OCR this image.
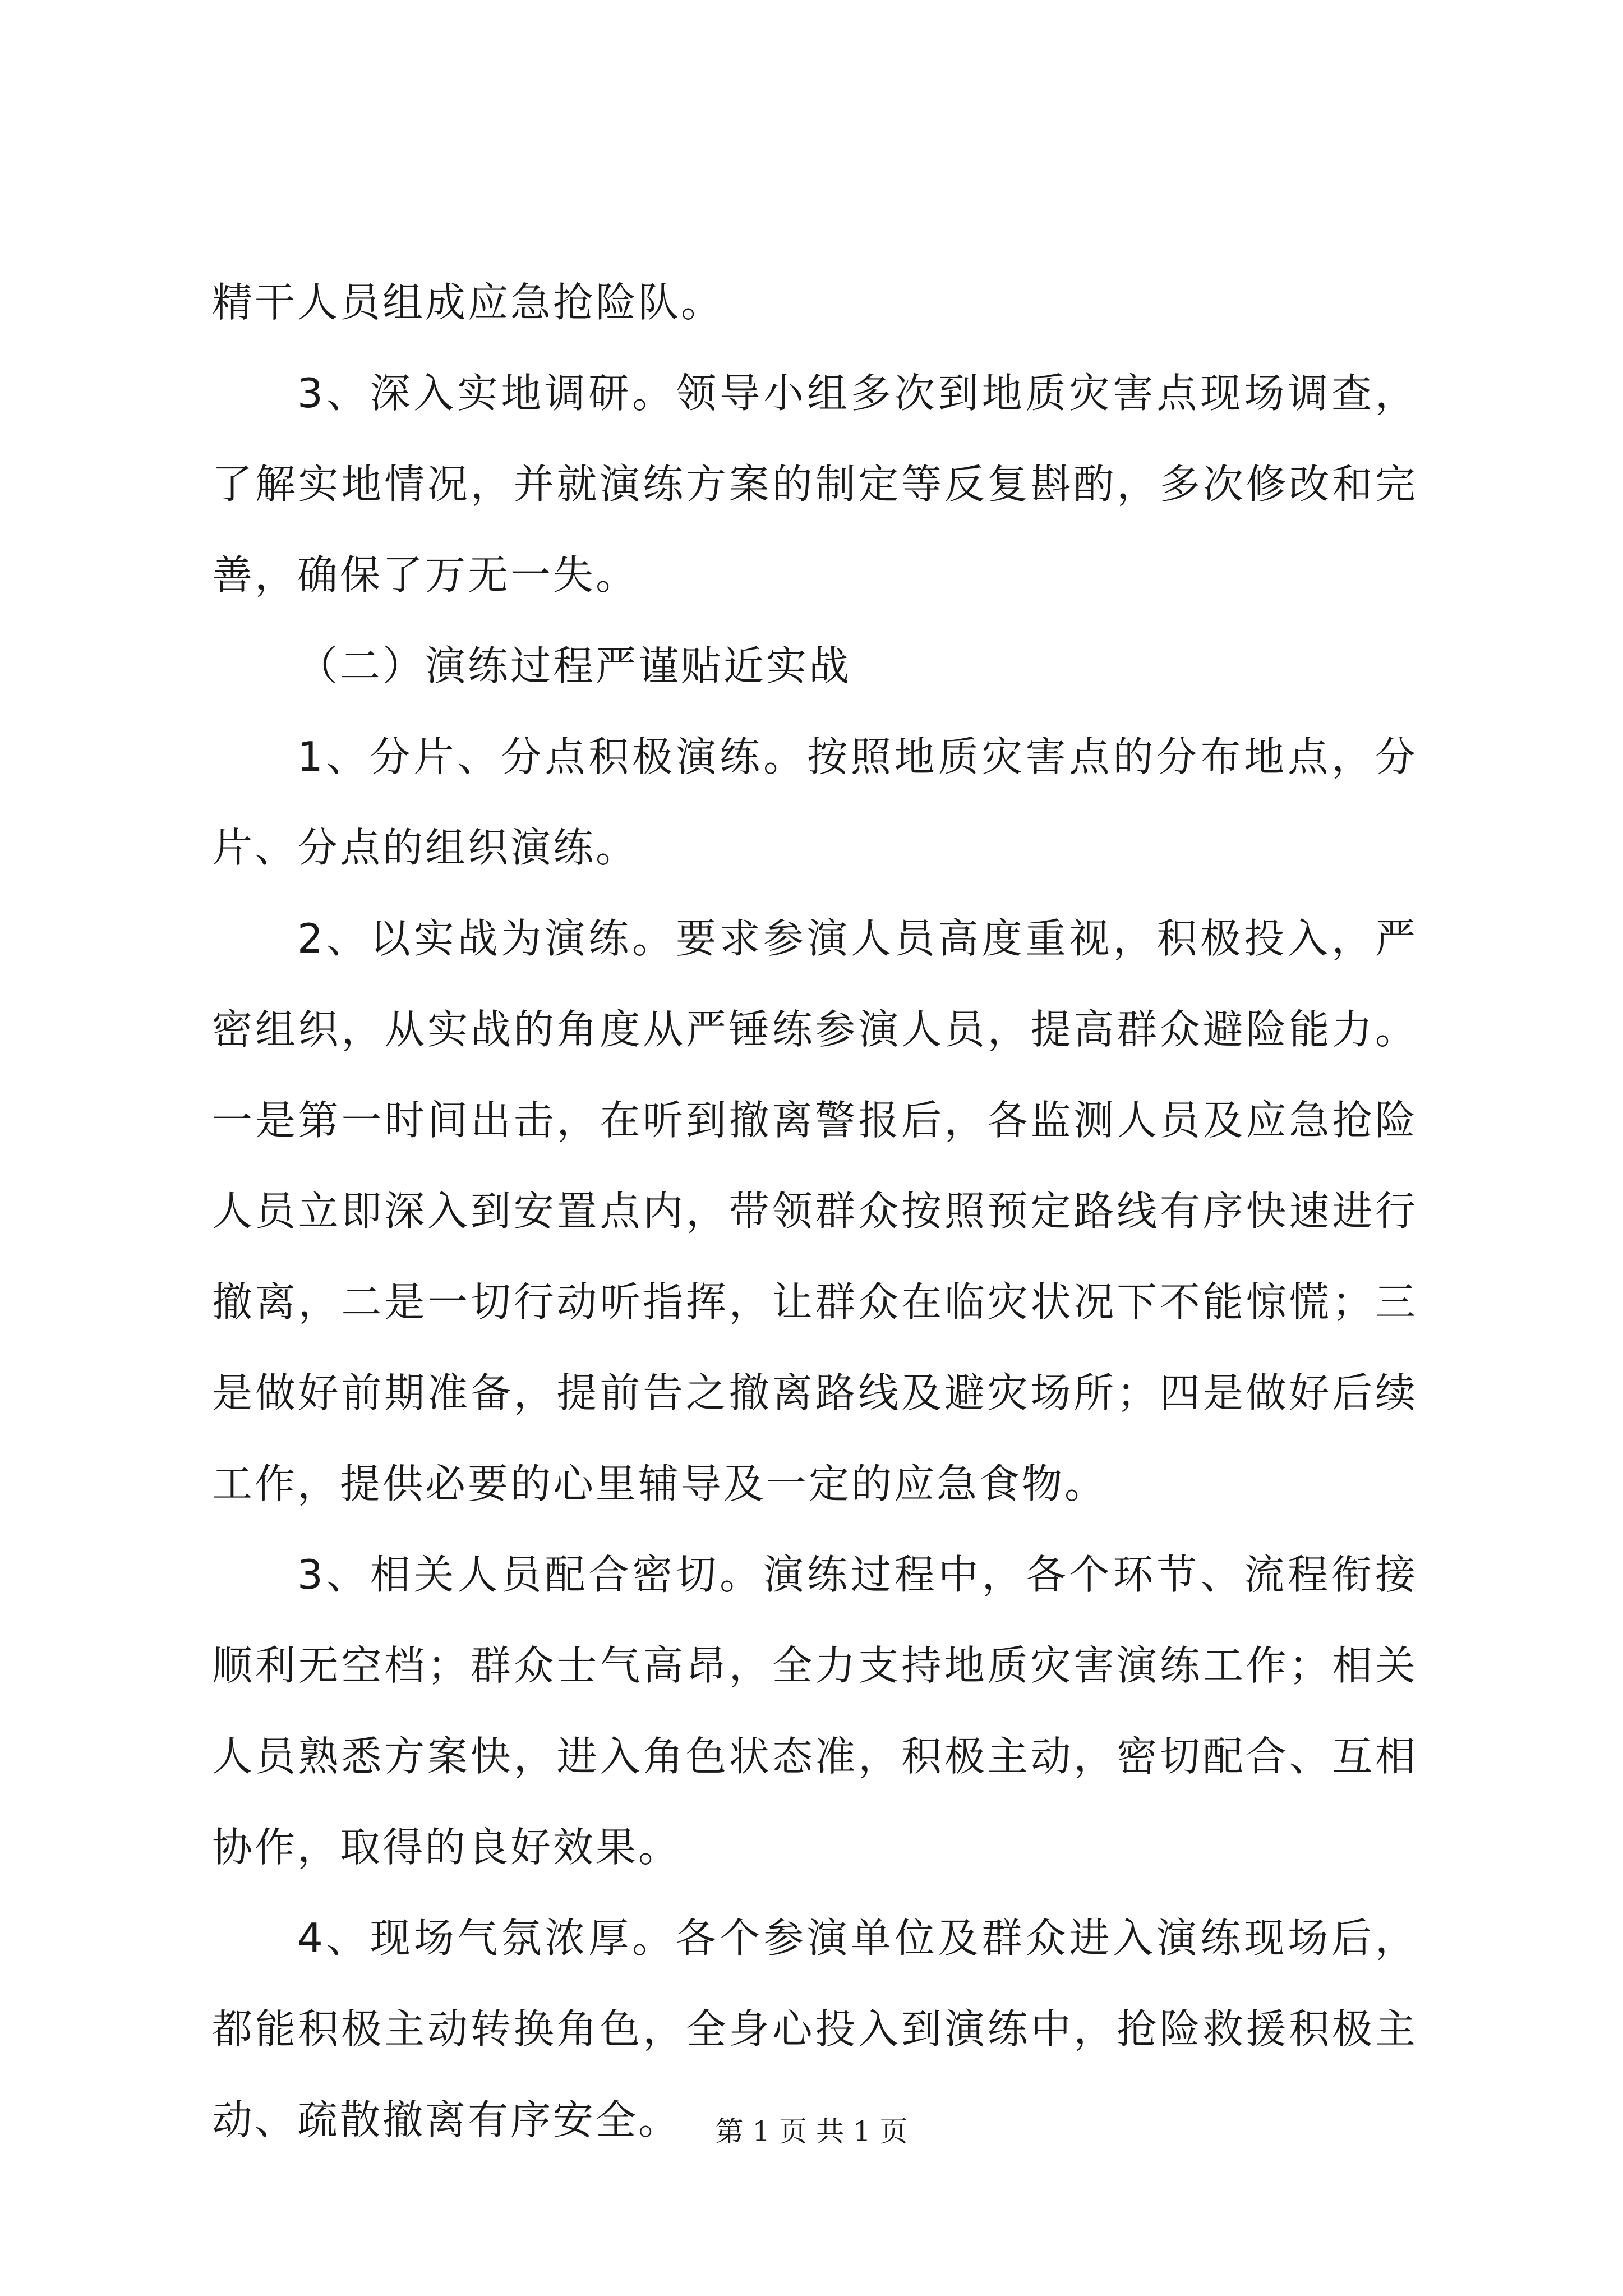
精干人员组成应急抢险队。

3、深入实地调研。领导小组多次到地质灾害点现场调查，了解实地情况，并就演练方案的制定等反复斟酌，多次修改和完善，确保了万无一失。

（二）演练过程严谨贴近实战

1、分片、分点积极演练。按照地质灾害点的分布地点，分片、分点的组织演练。

2、以实战为演练。要求参演人员高度重视，积极投入，严密组织，从实战的角度从严锤练参演人员，提高群众避险能力。一是第一时间出击，在听到撤离警报后，各监测人员及应急抢险人员立即深入到安置点内，带领群众按照预定路线有序快速进行撤离，二是一切行动听指挥，让群众在临灾状况下不能惊慌；三是做好前期准备，提前告之撤离路线及避灾场所；四是做好后续工作，提供必要的心里辅导及一定的应急食物。

3、相关人员配合密切。演练过程中，各个环节、流程衔接顺利无空档；群众士气高昂，全力支持地质灾害演练工作；相关人员熟悉方案快，进入角色状态准，积极主动，密切配合、互相协作，取得的良好效果。

4、现场气氛浓厚。各个参演单位及群众进入演练现场后，都能积极主动转换角色，全身心投入到演练中，抢险救援积极主动、疏散撤离有序安全。	第 1 页 共 1 页
